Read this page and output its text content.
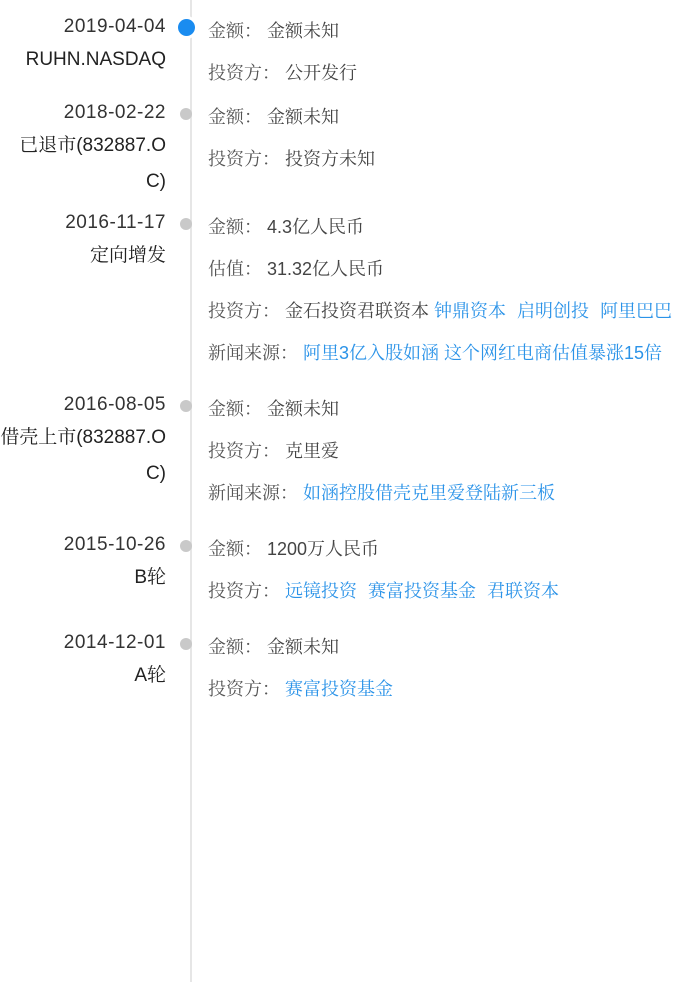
2019-04-04
RUHN.NASDAQ
金额： 金额未知
投资方： 公开发行
2018-02-22
已退市(832887.OC)
金额： 金额未知
投资方： 投资方未知
2016-11-17
定向增发
金额： 4.3亿人民币
估值： 31.32亿人民币
投资方： 金石投资君联资本 钟鼎资本 启明创投 阿里巴巴
新闻来源： 阿里3亿入股如涵 这个网红电商估值暴涨15倍
2016-08-05
借壳上市(832887.OC)
金额： 金额未知
投资方： 克里爱
新闻来源： 如涵控股借壳克里爱登陆新三板
2015-10-26
B轮
金额： 1200万人民币
投资方： 远镜投资 赛富投资基金 君联资本
2014-12-01
A轮
金额： 金额未知
投资方： 赛富投资基金
